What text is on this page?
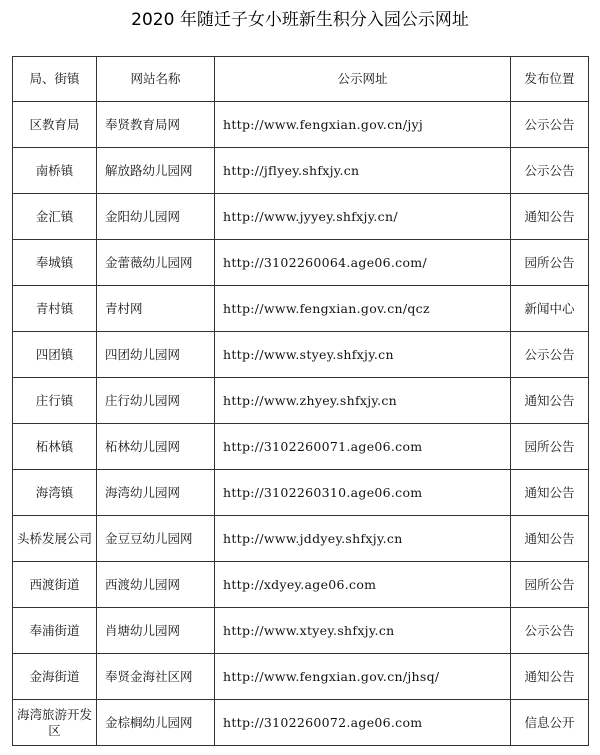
2020 年随迁子女小班新生积分入园公示网址
局、街镇	网站名称	公示网址	发布位置
区教育局	奉贤教育局网	http://www.fengxian.gov.cn/jyj	公示公告
南桥镇	解放路幼儿园网	http://jflyey.shfxjy.cn	公示公告
金汇镇	金阳幼儿园网	http://www.jyyey.shfxjy.cn/	通知公告
奉城镇	金蕾薇幼儿园网	http://3102260064.age06.com/	园所公告
青村镇	青村网	http://www.fengxian.gov.cn/qcz	新闻中心
四团镇	四团幼儿园网	http://www.styey.shfxjy.cn	公示公告
庄行镇	庄行幼儿园网	http://www.zhyey.shfxjy.cn	通知公告
柘林镇	柘林幼儿园网	http://3102260071.age06.com	园所公告
海湾镇	海湾幼儿园网	http://3102260310.age06.com	通知公告
头桥发展公司	金豆豆幼儿园网	http://www.jddyey.shfxjy.cn	通知公告
西渡街道	西渡幼儿园网	http://xdyey.age06.com	园所公告
奉浦街道	肖塘幼儿园网	http://www.xtyey.shfxjy.cn	公示公告
金海街道	奉贤金海社区网	http://www.fengxian.gov.cn/jhsq/	通知公告
海湾旅游开发区	金棕榈幼儿园网	http://3102260072.age06.com	信息公开
